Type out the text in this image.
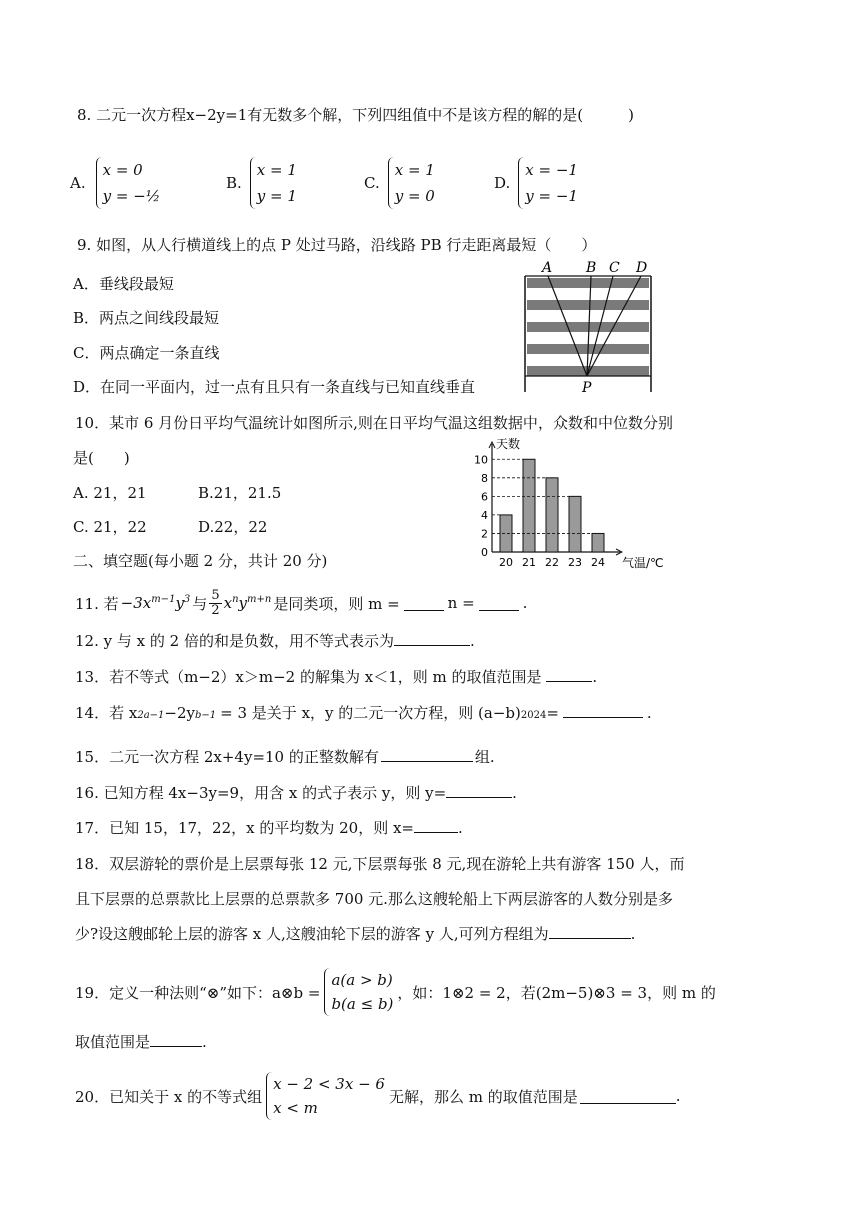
8. 二元一次方程x−2y=1有无数多个解，下列四组值中不是该方程的解的是(　　　)
A.
x = 0
y = −½
B.
x = 1
y = 1
C.
x = 1
y = 0
D.
x = −1
y = −1
9. 如图，从人行横道线上的点 P 处过马路，沿线路 PB 行走距离最短（　　）
A．垂线段最短
B．两点之间线段最短
C．两点确定一条直线
D．在同一平面内，过一点有且只有一条直线与已知直线垂直
A B C D
P
10．某市 6 月份日平均气温统计如图所示,则在日平均气温这组数据中，众数和中位数分别
是(　　)
A. 21，21	B.21，21.5
C. 21，22	D.22，22
0
2
4
6
8
10
20 21 22 23 24
天数
气温/℃
二、填空题(每小题 2 分，共计 20 分)
11. 若 $-3x^{m-1}y^3$ 与 $\frac{5}{2} x^ny^{m+n}$ 是同类项，则 m =	n =	.
12. y 与 x 的 2 倍的和是负数，用不等式表示为	.
13．若不等式（m−2）x＞m−2 的解集为 x＜1，则 m 的取值范围是	.
14．若 $x_{2a-1} -2y$ b−1 = 3 是关于 x，y 的二元一次方程，则 $(a-b)_{2024}$ =	.
15．二元一次方程 2x+4y=10 的正整数解有	组.
16. 已知方程 4x−3y=9，用含 x 的式子表示 y，则 y=	.
17．已知 15，17，22，x 的平均数为 20，则 x=	.
18．双层游轮的票价是上层票每张 12 元,下层票每张 8 元,现在游轮上共有游客 150 人，而
且下层票的总票款比上层票的总票款多 700 元.那么这艘轮船上下两层游客的人数分别是多
少?设这艘邮轮上层的游客 x 人,这艘油轮下层的游客 y 人,可列方程组为	.
19．定义一种法则“⊗”如下：a⊗b =
a(a > b)
b(a ≤ b)
，如：1⊗2 = 2，若(2m−5)⊗3 = 3，则 m 的
取值范围是	.
20．已知关于 x 的不等式组
x − 2 < 3x − 6
x < m
无解，那么 m 的取值范围是	.
